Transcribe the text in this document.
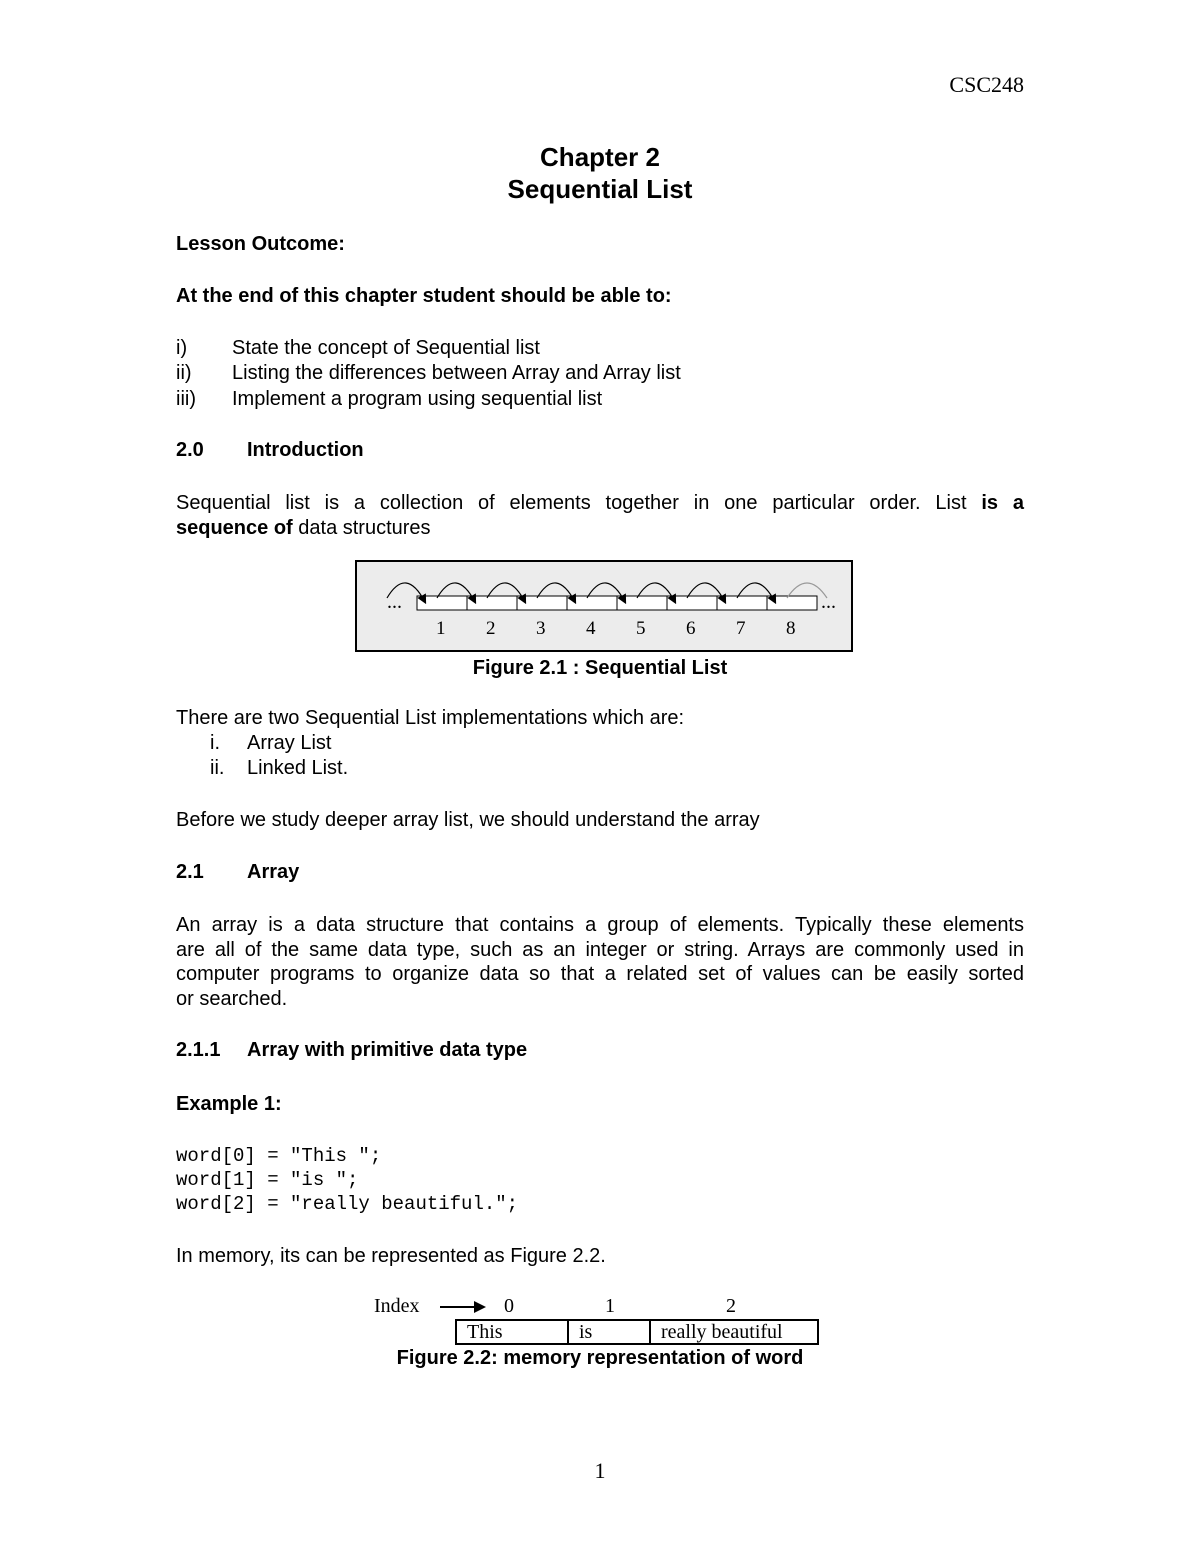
CSC248
Chapter 2
Sequential List
Lesson Outcome:
At the end of this chapter student should be able to:
i) State the concept of Sequential list
ii) Listing the differences between Array and Array list
iii) Implement a program using sequential list
2.0 Introduction
Sequential list is a collection of elements together in one particular order. List is a
sequence of data structures
1 2 3 4 5 6 7 8
...	...
Figure 2.1 : Sequential List
There are two Sequential List implementations which are:
i. Array List
ii. Linked List.
Before we study deeper array list, we should understand the array
2.1 Array
An array is a data structure that contains a group of elements. Typically these elements
are all of the same data type, such as an integer or string. Arrays are commonly used in
computer programs to organize data so that a related set of values can be easily sorted
or searched.
2.1.1 Array with primitive data type
Example 1:
word[0] = "This ";
word[1] = "is ";
word[2] = "really beautiful.";
In memory, its can be represented as Figure 2.2.
Index	0	1	2
This	is	really beautiful
Figure 2.2: memory representation of word
1
